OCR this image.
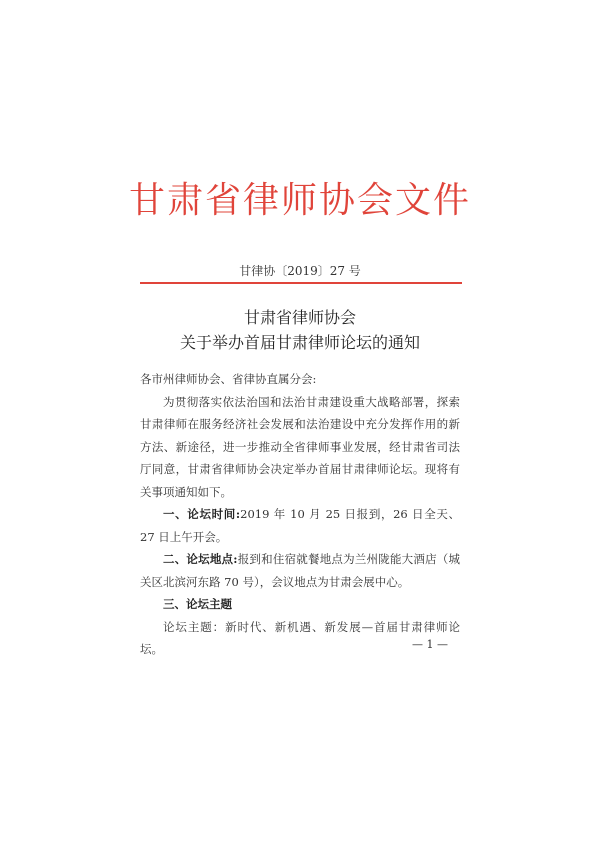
甘肃省律师协会文件
甘律协〔2019〕27 号
甘肃省律师协会
关于举办首届甘肃律师论坛的通知

各市州律师协会、省律协直属分会:

为贯彻落实依法治国和法治甘肃建设重大战略部署，探索甘肃律师在服务经济社会发展和法治建设中充分发挥作用的新方法、新途径，进一步推动全省律师事业发展，经甘肃省司法厅同意，甘肃省律师协会决定举办首届甘肃律师论坛。现将有关事项通知如下。

一、论坛时间:2019 年 10 月 25 日报到，26 日全天、27 日上午开会。

二、论坛地点:报到和住宿就餐地点为兰州陇能大酒店（城关区北滨河东路 70 号），会议地点为甘肃会展中心。

三、论坛主题

论坛主题：新时代、新机遇、新发展—首届甘肃律师论坛。	— 1 —
